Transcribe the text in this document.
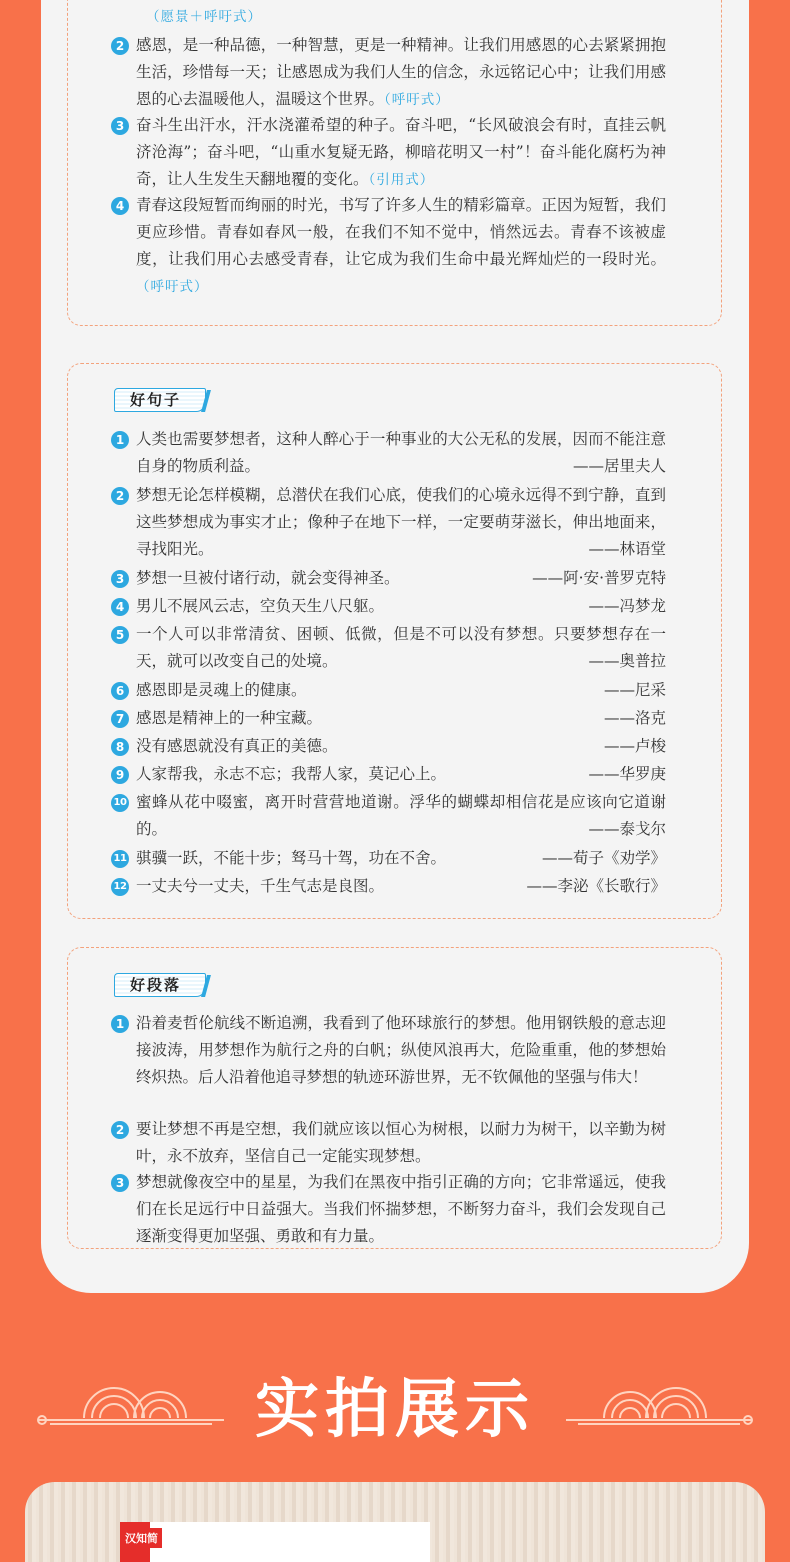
（愿景＋呼吁式）
2 感恩，是一种品德，一种智慧，更是一种精神。让我们用感恩的心去紧紧拥抱生活，珍惜每一天；让感恩成为我们人生的信念，永远铭记心中；让我们用感恩的心去温暖他人，温暖这个世界。（呼吁式）
3 奋斗生出汗水，汗水浇灌希望的种子。奋斗吧，“长风破浪会有时，直挂云帆济沧海”；奋斗吧，“山重水复疑无路，柳暗花明又一村”！奋斗能化腐朽为神奇，让人生发生天翻地覆的变化。（引用式）
4 青春这段短暂而绚丽的时光，书写了许多人生的精彩篇章。正因为短暂，我们更应珍惜。青春如春风一般，在我们不知不觉中，悄然远去。青春不该被虚度，让我们用心去感受青春，让它成为我们生命中最光辉灿烂的一段时光。（呼吁式）
好句子
1 人类也需要梦想者，这种人醉心于一种事业的大公无私的发展，因而不能注意自身的物质利益。	——居里夫人
2 梦想无论怎样模糊，总潜伏在我们心底，使我们的心境永远得不到宁静，直到这些梦想成为事实才止；像种子在地下一样，一定要萌芽滋长，伸出地面来，寻找阳光。	——林语堂
3 梦想一旦被付诸行动，就会变得神圣。	——阿·安·普罗克特
4 男儿不展风云志，空负天生八尺躯。	——冯梦龙
5 一个人可以非常清贫、困顿、低微，但是不可以没有梦想。只要梦想存在一天，就可以改变自己的处境。	——奥普拉
6 感恩即是灵魂上的健康。	——尼采
7 感恩是精神上的一种宝藏。	——洛克
8 没有感恩就没有真正的美德。	——卢梭
9 人家帮我，永志不忘；我帮人家，莫记心上。	——华罗庚
10 蜜蜂从花中啜蜜，离开时营营地道谢。浮华的蝴蝶却相信花是应该向它道谢的。	——泰戈尔
11 骐骥一跃，不能十步；驽马十驾，功在不舍。	——荀子《劝学》
12 一丈夫兮一丈夫，千生气志是良图。	——李泌《长歌行》
好段落
1 沿着麦哲伦航线不断追溯，我看到了他环球旅行的梦想。他用钢铁般的意志迎接波涛，用梦想作为航行之舟的白帆；纵使风浪再大，危险重重，他的梦想始终炽热。后人沿着他追寻梦想的轨迹环游世界，无不钦佩他的坚强与伟大！
2 要让梦想不再是空想，我们就应该以恒心为树根，以耐力为树干，以辛勤为树叶，永不放弃，坚信自己一定能实现梦想。
3 梦想就像夜空中的星星，为我们在黑夜中指引正确的方向；它非常遥远，使我们在长足远行中日益强大。当我们怀揣梦想，不断努力奋斗，我们会发现自己逐渐变得更加坚强、勇敢和有力量。
实拍展示
汉知简
